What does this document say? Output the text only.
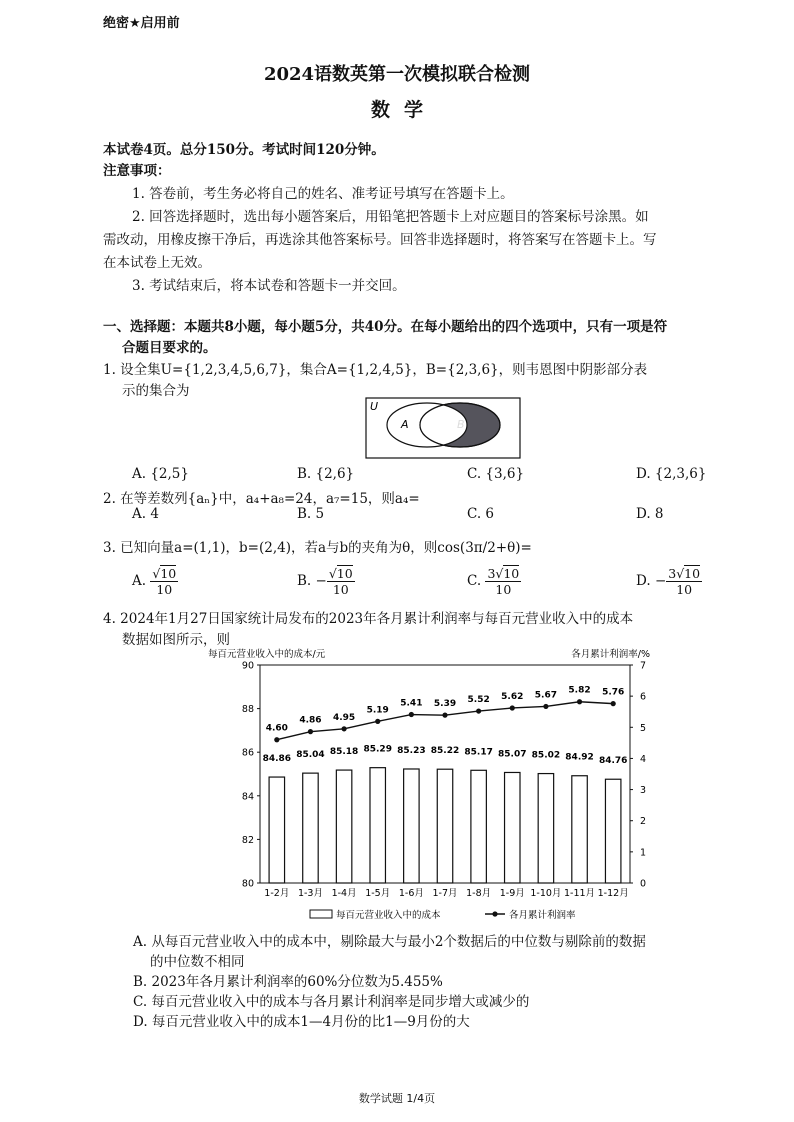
绝密★启用前
2024语数英第一次模拟联合检测
数学
本试卷4页。总分150分。考试时间120分钟。
注意事项：
1. 答卷前，考生务必将自己的姓名、准考证号填写在答题卡上。
2. 回答选择题时，选出每小题答案后，用铅笔把答题卡上对应题目的答案标号涂黑。如
需改动，用橡皮擦干净后，再选涂其他答案标号。回答非选择题时，将答案写在答题卡上。写
在本试卷上无效。
3. 考试结束后，将本试卷和答题卡一并交回。
一、选择题：本题共8小题，每小题5分，共40分。在每小题给出的四个选项中，只有一项是符
合题目要求的。
1. 设全集U={1,2,3,4,5,6,7}，集合A={1,2,4,5}，B={2,3,6}，则韦恩图中阴影部分表
示的集合为
U
A	B
A. {2,5}	B. {2,6}	C. {3,6}	D. {2,3,6}
2. 在等差数列{aₙ}中，a₄+a₈=24，a₇=15，则a₄=
A. 4	B. 5	C. 6	D. 8
3. 已知向量a=(1,1)，b=(2,4)，若a与b的夹角为θ，则cos(3π/2+θ)=
A. $\frac{√10}{10}$	B. − $\frac{√10}{10}$	C. $\frac{3√10}{10}$	D. − $\frac{3√10}{10}$
4. 2024年1月27日国家统计局发布的2023年各月累计利润率与每百元营业收入中的成本
数据如图所示，则
每百元营业收入中的成本/元	各月累计利润率/%
80
82
84
86
88
90
0
1
2
3
4
5
6
7
84.86
1-2月
85.04
1-3月
85.18
1-4月
85.29
1-5月
85.23
1-6月
85.22
1-7月
85.17
1-8月
85.07
1-9月
85.02
1-10月
84.92
1-11月
84.76
1-12月
4.60
4.86 4.95
5.19
5.41 5.39 5.52 5.62 5.67 5.82 5.76
每百元营业收入中的成本	各月累计利润率
A. 从每百元营业收入中的成本中，剔除最大与最小2个数据后的中位数与剔除前的数据
的中位数不相同
B. 2023年各月累计利润率的60%分位数为5.455%
C. 每百元营业收入中的成本与各月累计利润率是同步增大或减少的
D. 每百元营业收入中的成本1—4月份的比1—9月份的大
数学试题 1/4页
